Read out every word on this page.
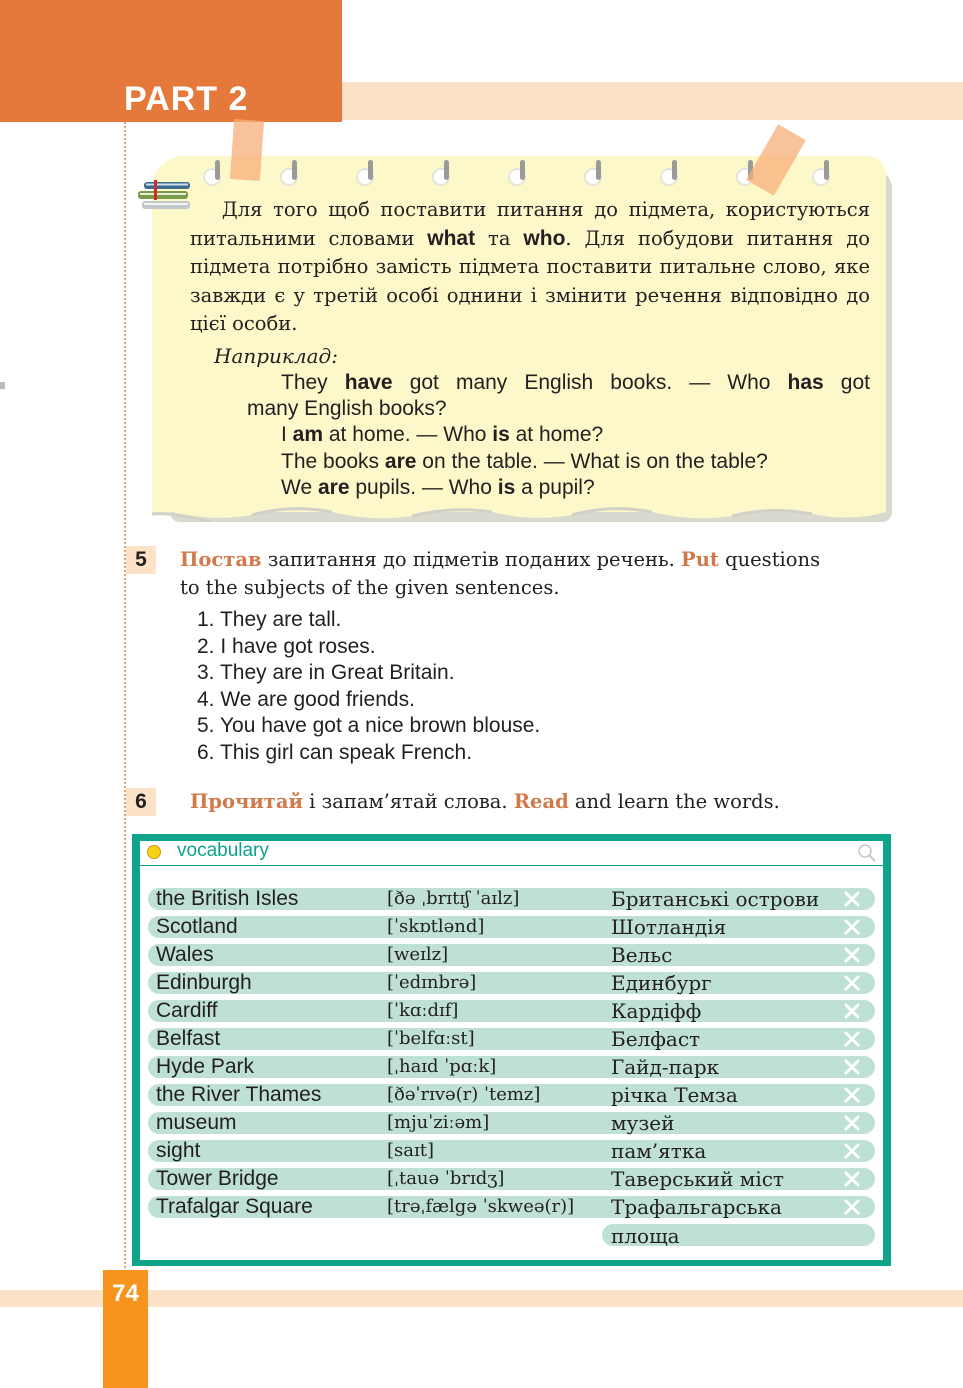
PART 2
Для того щоб поставити питання до підмета, користуються питальними словами what та who. Для побудови питання до підмета потрібно замість підмета поставити питальне слово, яке завжди є у третій особі однини і змінити речення відповідно до цієї особи.
Наприклад:
They have got many English books. — Who has got
many English books?
I am at home. — Who is at home?
The books are on the table. — What is on the table?
We are pupils. — Who is a pupil?
5	Постав запитання до підметів поданих речень. Put questions
to the subjects of the given sentences.
1. They are tall.
2. I have got roses.
3. They are in Great Britain.
4. We are good friends.
5. You have got a nice brown blouse.
6. This girl can speak French.
6	Прочитай і запам’ятай слова. Read and learn the words.
vocabulary
the British Isles	[ðə ˌbrɪtɪʃ ˈaɪlz]	Британські острови
Scotland	[ˈskɒtlənd]	Шотландія
Wales	[weɪlz]	Вельс
Edinburgh	[ˈedɪnbrə]	Единбург
Cardiff	[ˈkɑːdɪf]	Кардіфф
Belfast	[ˈbelfɑːst]	Белфаст
Hyde Park	[ˌhaɪd ˈpɑːk]	Гайд-парк
the River Thames	[ðəˈrɪvə(r) ˈtemz]	річка Темза
museum	[mjuˈziːəm]	музей
sight	[saɪt]	пам’ятка
Tower Bridge	[ˌtauə ˈbrɪdʒ]	Таверський міст
Trafalgar Square	[trəˌfælgə ˈskweə(r)] Трафальгарська
площа
74
